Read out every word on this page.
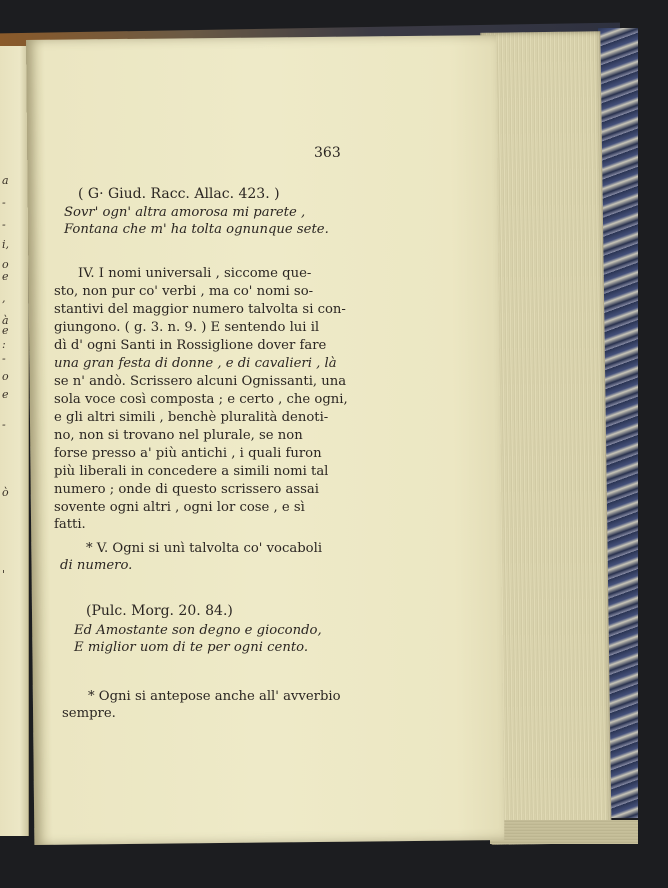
a
-
-
i,
o
e
,
à
e
:
-
o
e
-
ò
'
363
( G· Giud. Racc. Allac. 423. )
Sovr' ogn' altra amorosa mi parete ,
Fontana che m' ha tolta ognunque sete.
IV. I nomi universali , siccome que-
sto, non pur co' verbi , ma co' nomi so-
stantivi del maggior numero talvolta si con-
giungono. ( g. 3. n. 9. ) E sentendo lui il
dì d' ogni Santi in Rossiglione dover fare
una gran festa di donne , e di cavalieri , là
se n' andò. Scrissero alcuni Ognissanti, una
sola voce così composta ; e certo , che ogni,
e gli altri simili , benchè pluralità denoti-
no, non si trovano nel plurale, se non
forse presso a' più antichi , i quali furon
più liberali in concedere a simili nomi tal
numero ; onde di questo scrissero assai
sovente ogni altri , ogni lor cose , e sì
fatti.
* V. Ogni si unì talvolta co' vocaboli
di numero.
(Pulc. Morg. 20. 84.)
Ed Amostante son degno e giocondo,
E miglior uom di te per ogni cento.
* Ogni si antepose anche all' avverbio
sempre.
